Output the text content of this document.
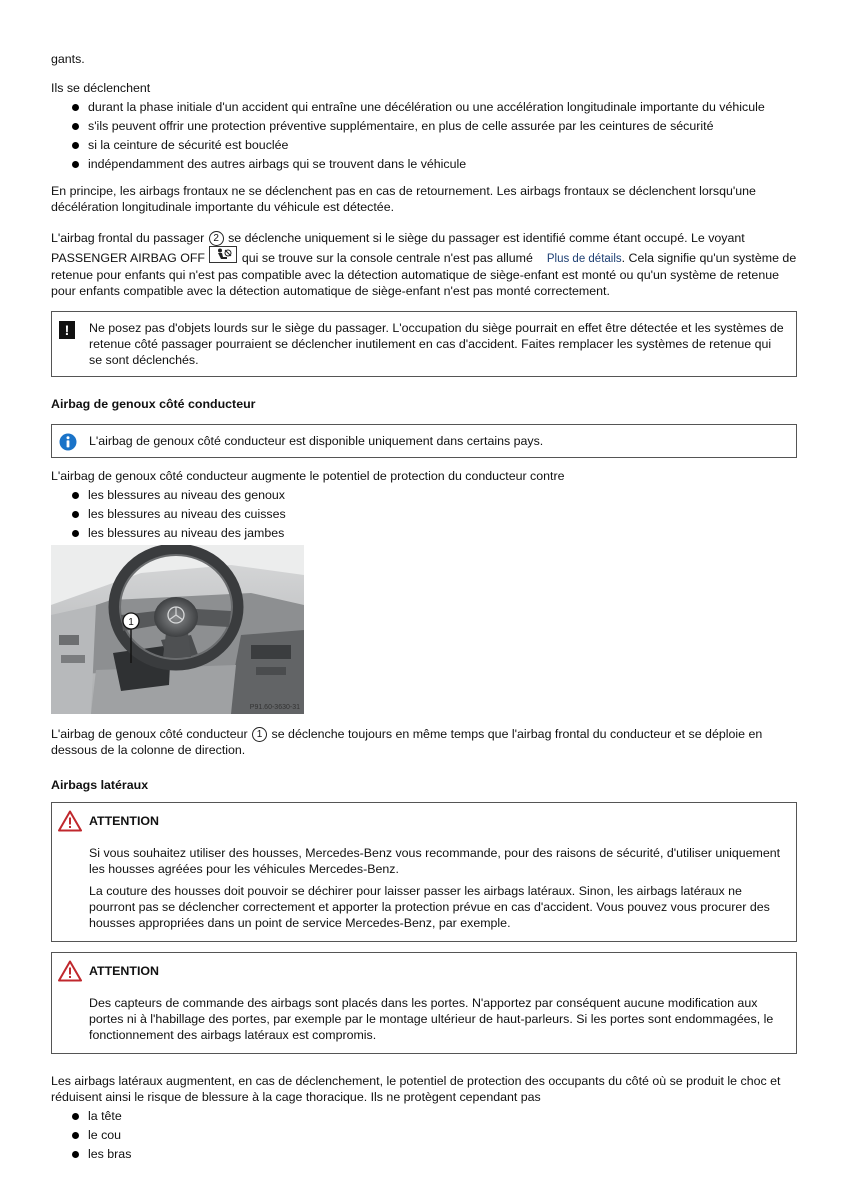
gants.

Ils se déclenchent

durant la phase initiale d'un accident qui entraîne une décélération ou une accélération longitudinale importante du véhicule
s'ils peuvent offrir une protection préventive supplémentaire, en plus de celle assurée par les ceintures de sécurité
si la ceinture de sécurité est bouclée
indépendamment des autres airbags qui se trouvent dans le véhicule

En principe, les airbags frontaux ne se déclenchent pas en cas de retournement. Les airbags frontaux se déclenchent lorsqu'une décélération longitudinale importante du véhicule est détectée.

L'airbag frontal du passager 2 se déclenche uniquement si le siège du passager est identifié comme étant occupé. Le voyant PASSENGER AIRBAG OFF  qui se trouve sur la console centrale n'est pas allumé Plus de détails. Cela signifie qu'un système de retenue pour enfants qui n'est pas compatible avec la détection automatique de siège-enfant est monté ou qu'un système de retenue pour enfants compatible avec la détection automatique de siège-enfant n'est pas monté correctement.

!	Ne posez pas d'objets lourds sur le siège du passager. L'occupation du siège pourrait en effet être détectée et les systèmes de retenue côté passager pourraient se déclencher inutilement en cas d'accident. Faites remplacer les systèmes de retenue qui se sont déclenchés.

Airbag de genoux côté conducteur

L'airbag de genoux côté conducteur est disponible uniquement dans certains pays.

L'airbag de genoux côté conducteur augmente le potentiel de protection du conducteur contre

les blessures au niveau des genoux
les blessures au niveau des cuisses
les blessures au niveau des jambes
1
P91.60-3630-31

L'airbag de genoux côté conducteur 1 se déclenche toujours en même temps que l'airbag frontal du conducteur et se déploie en dessous de la colonne de direction.

Airbags latéraux
ATTENTION

Si vous souhaitez utiliser des housses, Mercedes-Benz vous recommande, pour des raisons de sécurité, d'utiliser uniquement les housses agréées pour les véhicules Mercedes-Benz.

La couture des housses doit pouvoir se déchirer pour laisser passer les airbags latéraux. Sinon, les airbags latéraux ne pourront pas se déclencher correctement et apporter la protection prévue en cas d'accident. Vous pouvez vous procurer des housses appropriées dans un point de service Mercedes-Benz, par exemple.

ATTENTION

Des capteurs de commande des airbags sont placés dans les portes. N'apportez par conséquent aucune modification aux portes ni à l'habillage des portes, par exemple par le montage ultérieur de haut-parleurs. Si les portes sont endommagées, le fonctionnement des airbags latéraux est compromis.

Les airbags latéraux augmentent, en cas de déclenchement, le potentiel de protection des occupants du côté où se produit le choc et réduisent ainsi le risque de blessure à la cage thoracique. Ils ne protègent cependant pas

la tête
le cou
les bras
